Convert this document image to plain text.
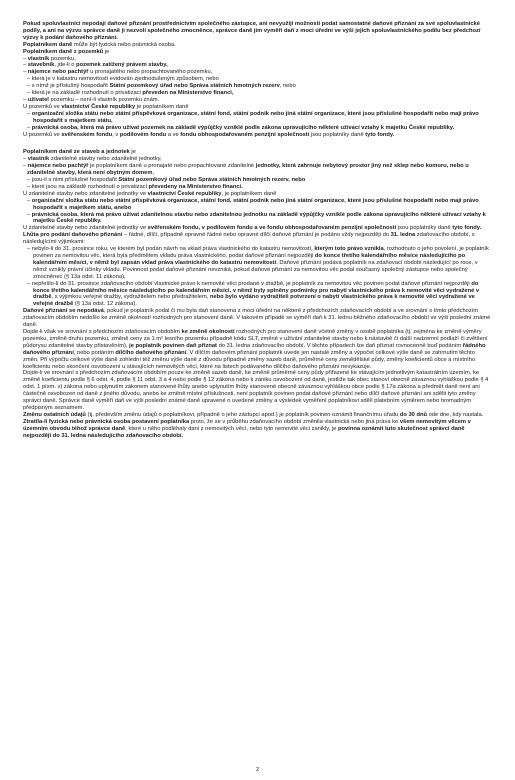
Pokud spoluvlastníci nepodají daňové přiznání prostřednictvím společného zástupce, ani nevyužijí možnosti podat samostatné daňové přiznání za své spoluvlastnické podíly, a ani na výzvu správce daně ji nezvolí společného zmocněnce, správce daně jim vyměří daň z moci úřední ve výši jejich spoluvlastnického podílu bez předchozí výzvy k podání daňového přiznání.

Poplatníkem daně může být fyzická nebo právnická osoba.

Poplatníkem daně z pozemků je

– vlastník pozemku,

– stavebník, jde-li o pozemek zatížený právem stavby,

– nájemce nebo pachtýř u pronajatého nebo propachtovaného pozemku,

– která je v katastru nemovitostí evidován zjednodušeným způsobem, nebo

– s nímž je příslušný hospodařit Státní pozemkový úřad nebo Správa státních hmotných rezerv, nebo

– která je na základě rozhodnutí o privatizaci převeden na Ministerstvo financí,

– uživatel pozemku – není-li vlastník pozemku znám.

U pozemků ve vlastnictví České republiky je poplatníkem daně

– organizační složka státu nebo státní příspěvková organizace, státní fond, státní podnik nebo jiná státní organizace, které jsou příslušné hospodařit nebo mají právo hospodařit s majetkem státu,

– právnická osoba, která má právo užívat pozemek na základě výpůjčky vzniklé podle zákona upravujícího některé užívací vztahy k majetku České republiky.

U pozemků ve svěřenském fondu, v podílovém fondu a ve fondu obhospodařovaném penzijní společností jsou poplatníky daně tyto fondy.

Poplatníkem daně ze staveb a jednotek je

– vlastník zdanitelné stavby nebo zdanitelné jednotky,

– nájemce nebo pachtýř je poplatníkem daně u pronajaté nebo propachtované zdanitelné jednotky, která zahrnuje nebytový prostor jiný než sklep nebo komoru, nebo u zdanitelné stavby, která není obytným domem,

– jsou-li s nimi příslušné hospodařit Státní pozemkový úřad nebo Správa státních hmotných rezerv, nebo

– které jsou na základě rozhodnutí o privatizaci převedeny na Ministerstvo financí.

U zdanitelné stavby nebo zdanitelné jednotky ve vlastnictví České republiky, je poplatníkem daně

– organizační složka státu nebo státní příspěvková organizace, státní fond, státní podnik nebo jiná státní organizace, které jsou příslušné hospodařit nebo mají právo hospodařit s majetkem státu, anebo

– právnická osoba, která má právo užívat zdanitelnou stavbu nebo zdanitelnou jednotku na základě výpůjčky vzniklé podle zákona upravujícího některé užívací vztahy k majetku České republiky.

U zdanitelné stavby nebo zdanitelné jednotky ve svěřenském fondu, v podílovém fondu a ve fondu obhospodařovaném penzijní společností jsou poplatníky daně tyto fondy.

Lhůta pro podání daňového přiznání – řádné, dílčí, případně opravné řádné nebo opravné dílčí daňové přiznání je podáno vždy nejpozději do 31. ledna zdaňovacího období, s následujícími výjimkami:

– nebylo-li do 31. prosince roku, ve kterém byl podán návrh na vklad práva vlastnického do katastru nemovitostí, kterým toto právo vznikla, rozhodnuto o jeho povolení, je poplatník povinen za nemovitou věc, která byla předmětem vkladu práva vlastnického, podat daňové přiznání nejpozději do konce třetího kalendářního měsíce následujícího po kalendářním měsíci, v němž byl zapsán vklad práva vlastnického do katastru nemovitostí. Daňové přiznání podává poplatník na zdaňovací období následující po roce, v němž vznikly právní účinky vkladu. Povinnost podat daňové přiznání nevzniká, pokud daňové přiznání za nemovitou věc podal současný společný zástupce nebo společný zmocněnec (§ 13a odst. 11 zákona),

– nepřešlo-li do 31. prosince zdaňovacího období vlastnické právo k nemovité věci prodané v dražbě, je poplatník za nemovitou věc povinen podat daňové přiznání nejpozději do konce třetího kalendářního měsíce následujícího po kalendářním měsíci, v němž byly splněny podmínky pro nabytí vlastnického práva k nemovité věci vydražené v dražbě, s výjimkou veřejné dražby, vydražitelem nebo předražitelem, nebo bylo vydáno vydražiteli potvrzení o nabytí vlastnického práva k nemovité věci vydražené ve veřejné dražbě (§ 13a odst. 12 zákona).

Daňové přiznání se nepodává, pokud je poplatník podal či mu byla daň stanovena z moci úřední na některé z předchozích zdaňovacích období a ve srovnání s tímto předchozím zdaňovacím obdobím nedošlo ke změně okolností rozhodných pro stanovení daně. V takovém případě se vyměří daň k 31. lednu běžného zdaňovacího období ve výši poslední známé daně.

Dojde-li však ve srovnání s předchozím zdaňovacím obdobím ke změně okolností rozhodných pro stanovení daně včetně změny v osobě poplatníka (tj. zejména ke změně výměry pozemku, změně druhu pozemku, změně ceny za 1 m² lesního pozemku případně kódu SLT, změně v užívání zdanitelné stavby nebo k nástavbě či další nadzemní podlaží či zvětšení půdorysu zdanitelné stavby přistavěním), je poplatník povinen daň přiznat do 31. ledna zdaňovacího období. V těchto případech lze daň přiznat rovnocenně buď podáním řádného daňového přiznání, nebo podáním dílčího daňového přiznání. V dílčím daňovém přiznání poplatník uvede jen nastalé změny a výpočet celkové výše daně se zahrnutím těchto změn. Při výpočtu celkové výše daně zohlední též změnu výše daně z důvodu případné změny sazeb daně, průměrné ceny zemědělské půdy, změny koeficientů obce a místního koeficientu nebo skončení osvobození u stávajících nemovitých věcí, které na listech podávaného dílčího daňového přiznání nevykazuje.

Dojde-li ve srovnání s předchozím zdaňovacím obdobím pouze ke změně sazeb daně, ke změně průměrné ceny půdy přiřazené ke stávajícím jednotlivým katastrálním územím, ke změně koeficientu podle § 6 odst. 4, podle § 11 odst. 3 a 4 nebo podle § 12 zákona nebo k zániku osvobození od daně, jestliže tak obec stanoví obecně závaznou vyhláškou podle § 4 odst. 1 písm. v) zákona nebo uplynutím zákonem stanovené lhůty anebo uplynutím lhůty stanovené obecně závaznou vyhláškou obce podle § 17a zákona a předmět daně není ani částečně osvobozen od daně z jiného důvodu, anebo ke změně místní příslušnosti, není poplatník povinen podat daňové přiznání nebo dílčí daňové přiznání ani sdělit tyto změny správci daně. Správce daně vyměří daň ve výši poslední známé daně upravené o uvedené změny a výsledek vyměření poplatníkovi sdělí platebním výměrem nebo hromadným předpisným seznamem.

Změnu ostatních údajů (tj. především změnu údajů o poplatníkovi, případně o jeho zástupci apod.) je poplatník povinen oznámit finančnímu úřadu do 30 dnů ode dne, kdy nastala.

Ztratila-li fyzická nebo právnická osoba postavení poplatníka proto, že se v průběhu zdaňovacího období změnila vlastnická nebo jiná práva ke všem nemovitým věcem v územním obvodu téhož správce daně, které u něho podléhaly dani z nemovitých věcí, nebo tyto nemovité věci zanikly, je povinna oznámit tuto skutečnost správci daně nejpozději do 31. ledna následujícího zdaňovacího období.

2
